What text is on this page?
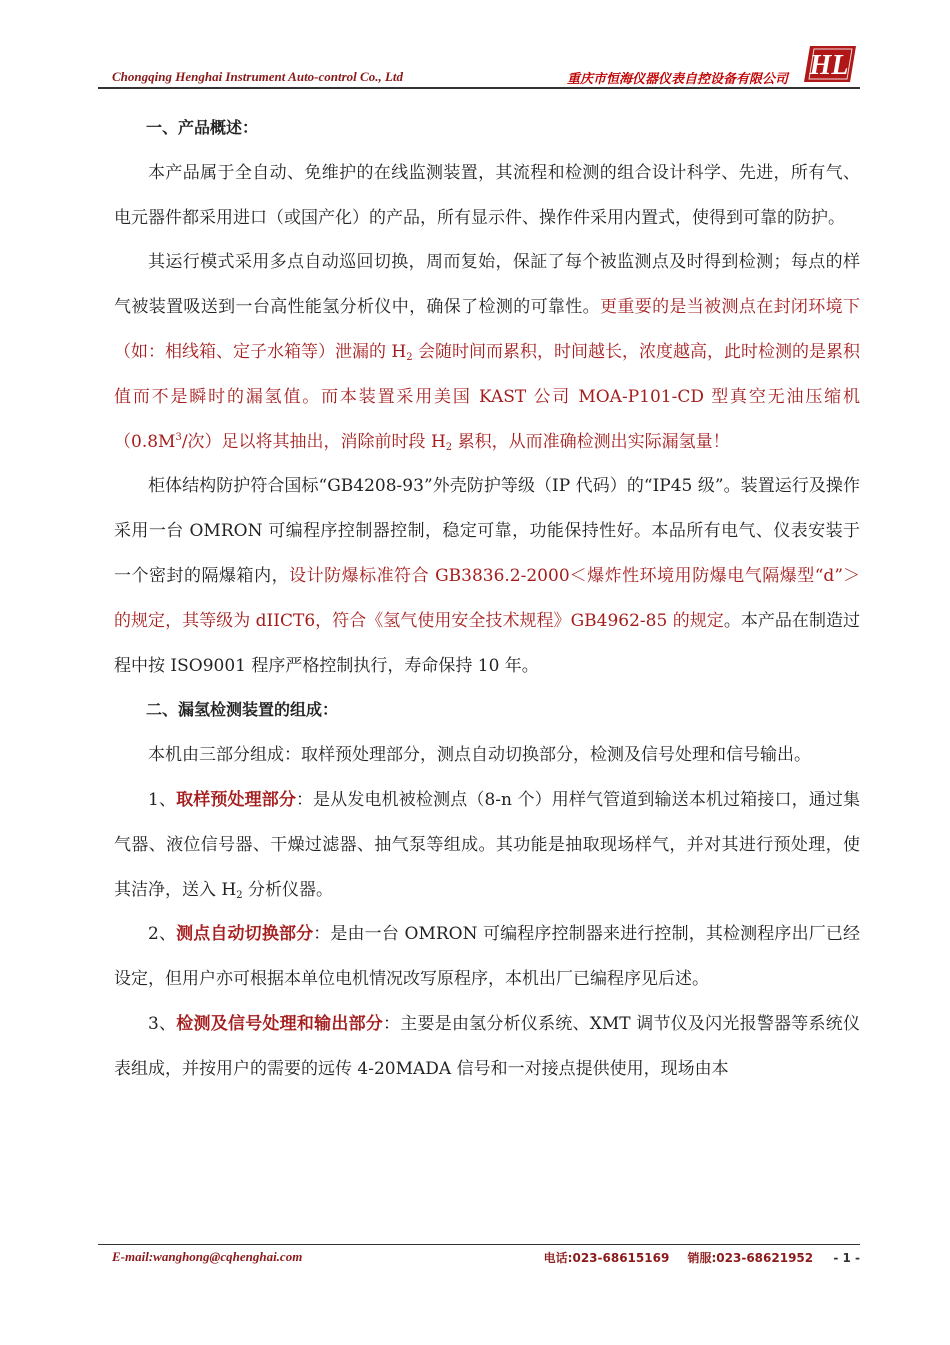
Chongqing Henghai Instrument Auto-control Co., Ltd	重庆市恒海仪器仪表自控设备有限公司 HL

一、产品概述：

本产品属于全自动、免维护的在线监测装置，其流程和检测的组合设计科学、先进，所有气、电元器件都采用进口（或国产化）的产品，所有显示件、操作件采用内置式，使得到可靠的防护。

其运行模式采用多点自动巡回切换，周而复始，保証了每个被监测点及时得到检测；每点的样气被装置吸送到一台高性能氢分析仪中，确保了检测的可靠性。更重要的是当被测点在封闭环境下（如：相线箱、定子水箱等）泄漏的 $H_2$ 会随时间而累积，时间越长，浓度越高，此时检测的是累积值而不是瞬时的漏氢值。而本装置采用美国 KAST 公司 MOA-P101-CD 型真空无油压缩机（$0.8M^3/$次）足以将其抽出，消除前时段 $H_2$ 累积，从而准确检测出实际漏氢量！

柜体结构防护符合国标“GB4208-93”外壳防护等级（IP 代码）的“IP45 级”。装置运行及操作采用一台 OMRON 可编程序控制器控制，稳定可靠，功能保持性好。本品所有电气、仪表安装于一个密封的隔爆箱内，设计防爆标准符合 GB3836.2-2000＜爆炸性环境用防爆电气隔爆型“d”＞的规定，其等级为 dIICT6，符合《氢气使用安全技术规程》GB4962-85 的规定。本产品在制造过程中按 ISO9001 程序严格控制执行，寿命保持 10 年。

二、漏氢检测装置的组成：

本机由三部分组成：取样预处理部分，测点自动切换部分，检测及信号处理和信号输出。

1、取样预处理部分：是从发电机被检测点（8-n 个）用样气管道到输送本机过箱接口，通过集气器、液位信号器、干燥过滤器、抽气泵等组成。其功能是抽取现场样气，并对其进行预处理，使其洁净，送入 $H_2$ 分析仪器。

2、测点自动切换部分：是由一台 OMRON 可编程序控制器来进行控制，其检测程序出厂已经设定，但用户亦可根据本单位电机情况改写原程序，本机出厂已编程序见后述。

3、检测及信号处理和输出部分：主要是由氢分析仪系统、XMT 调节仪及闪光报警器等系统仪表组成，并按用户的需要的远传 4-20MADA 信号和一对接点提供使用，现场由本

E-mail:wanghong@cqhenghai.com	电话:023-68615169 销服:023-68621952 - 1 -
